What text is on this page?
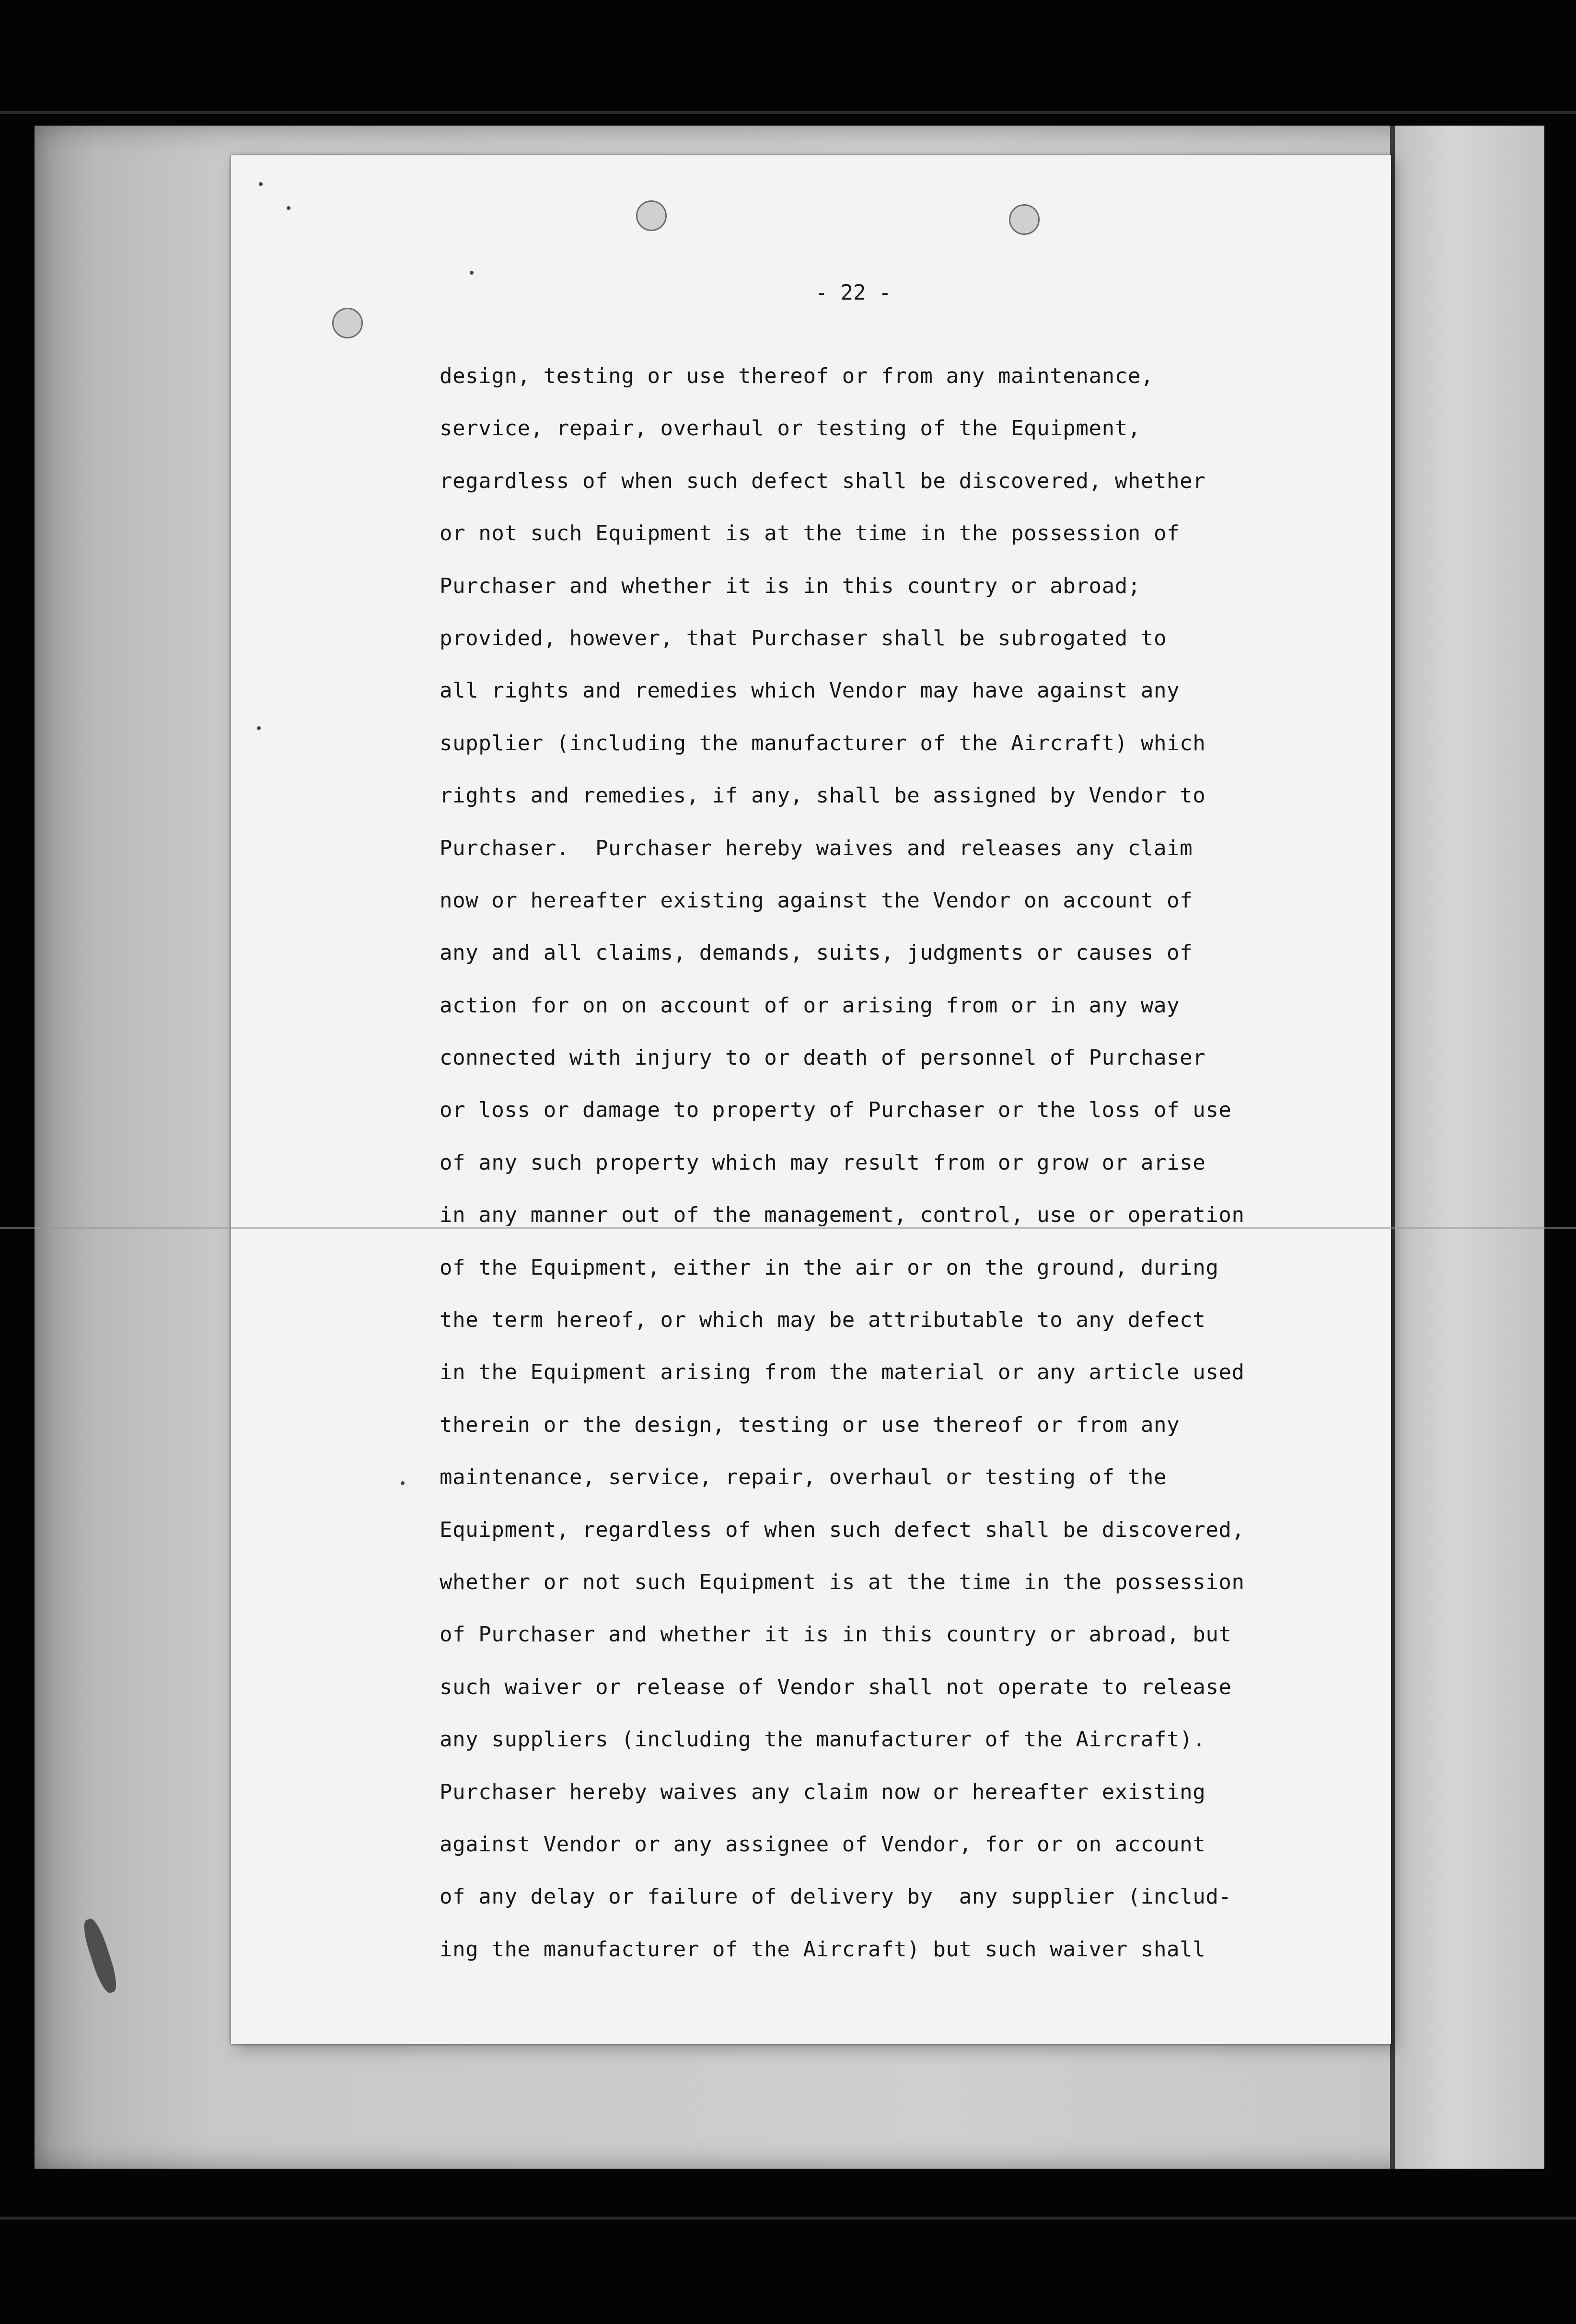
- 22 -
design, testing or use thereof or from any maintenance,
service, repair, overhaul or testing of the Equipment,
regardless of when such defect shall be discovered, whether
or not such Equipment is at the time in the possession of
Purchaser and whether it is in this country or abroad;
provided, however, that Purchaser shall be subrogated to
all rights and remedies which Vendor may have against any
supplier (including the manufacturer of the Aircraft) which
rights and remedies, if any, shall be assigned by Vendor to
Purchaser.  Purchaser hereby waives and releases any claim
now or hereafter existing against the Vendor on account of
any and all claims, demands, suits, judgments or causes of
action for on on account of or arising from or in any way
connected with injury to or death of personnel of Purchaser
or loss or damage to property of Purchaser or the loss of use
of any such property which may result from or grow or arise
in any manner out of the management, control, use or operation
of the Equipment, either in the air or on the ground, during
the term hereof, or which may be attributable to any defect
in the Equipment arising from the material or any article used
therein or the design, testing or use thereof or from any
maintenance, service, repair, overhaul or testing of the
Equipment, regardless of when such defect shall be discovered,
whether or not such Equipment is at the time in the possession
of Purchaser and whether it is in this country or abroad, but
such waiver or release of Vendor shall not operate to release
any suppliers (including the manufacturer of the Aircraft).
Purchaser hereby waives any claim now or hereafter existing
against Vendor or any assignee of Vendor, for or on account
of any delay or failure of delivery by  any supplier (includ-
ing the manufacturer of the Aircraft) but such waiver shall
